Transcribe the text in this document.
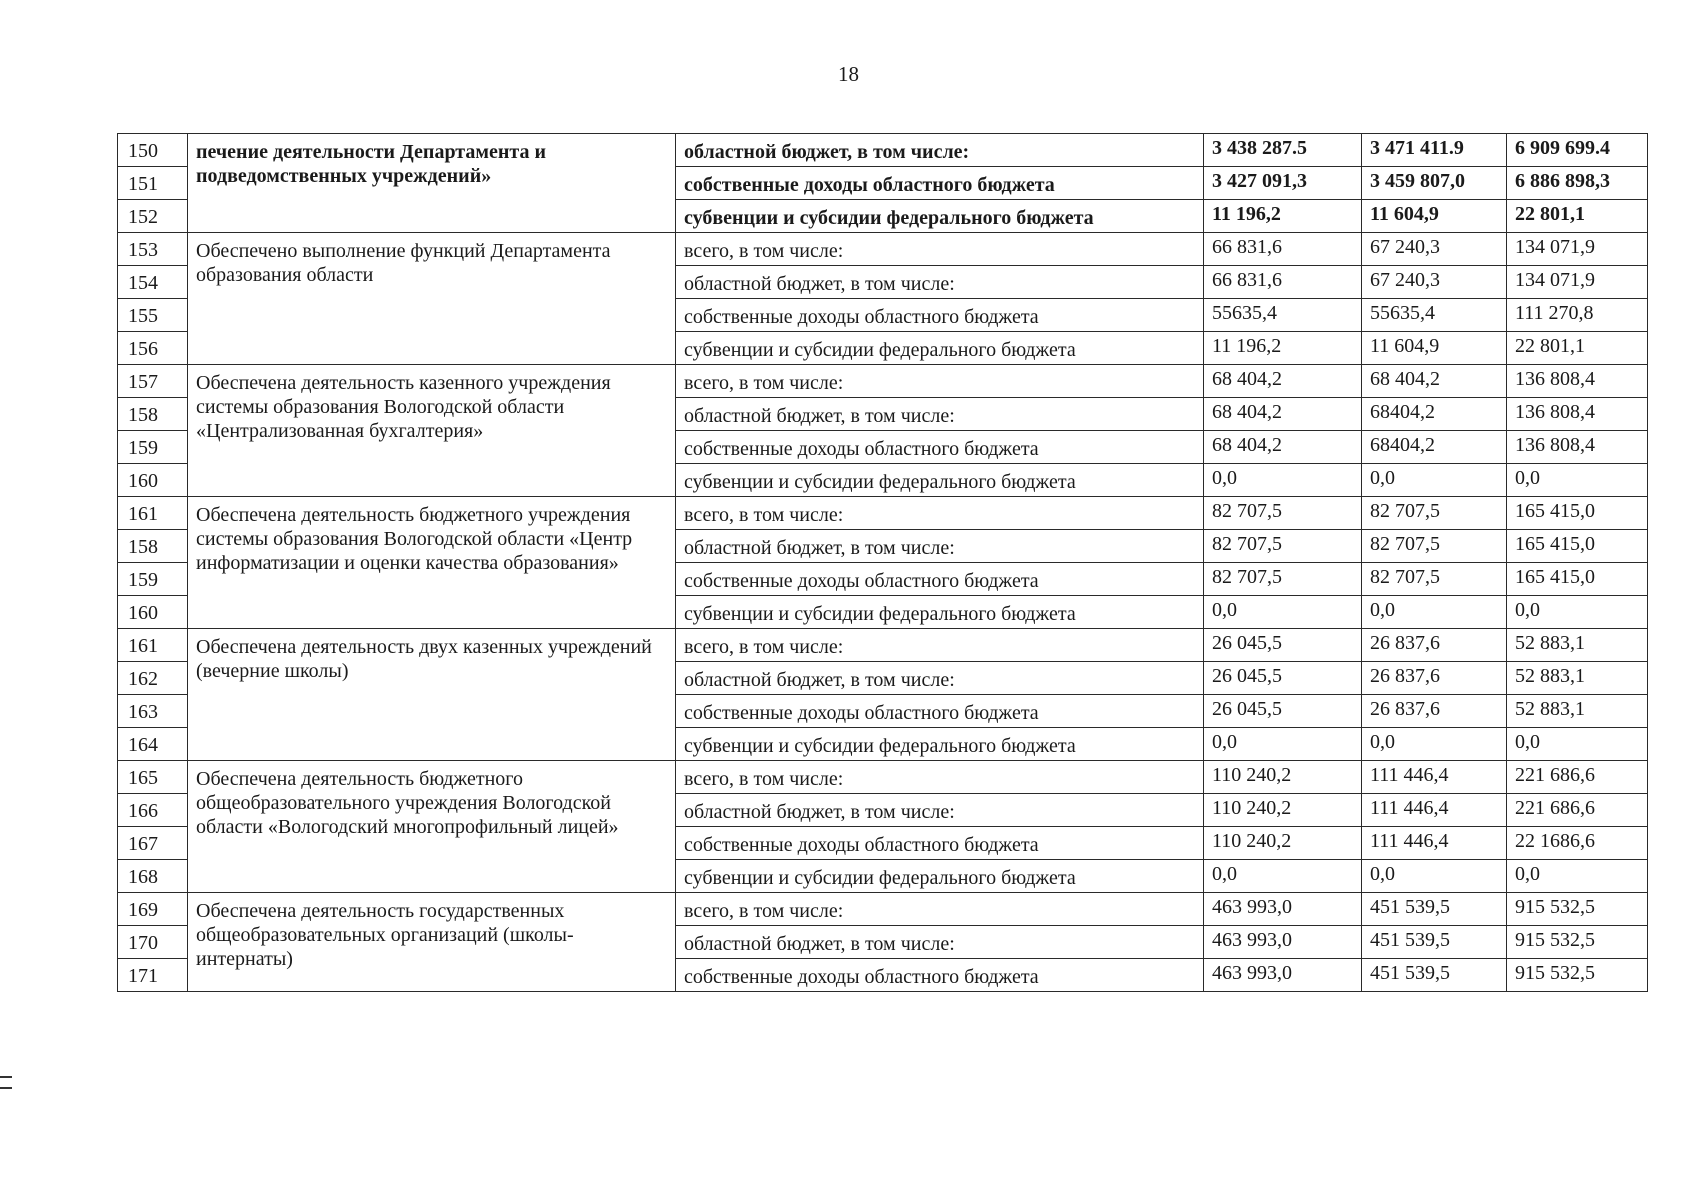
18
150	печение деятельности Департамента и подведомственных учреждений»	областной бюджет, в том числе:	3 438 287.5	3 471 411.9	6 909 699.4
151		собственные доходы областного бюджета	3 427 091,3	3 459 807,0	6 886 898,3
152		субвенции и субсидии федерального бюджета	11 196,2	11 604,9	22 801,1
153	Обеспечено выполнение функций Департамента образования области	всего, в том числе:	66 831,6	67 240,3	134 071,9
154		областной бюджет, в том числе:	66 831,6	67 240,3	134 071,9
155		собственные доходы областного бюджета	55635,4	55635,4	111 270,8
156		субвенции и субсидии федерального бюджета	11 196,2	11 604,9	22 801,1
157	Обеспечена деятельность казенного учреждения системы образования Вологодской области «Централизованная бухгалтерия»	всего, в том числе:	68 404,2	68 404,2	136 808,4
158		областной бюджет, в том числе:	68 404,2	68404,2	136 808,4
159		собственные доходы областного бюджета	68 404,2	68404,2	136 808,4
160		субвенции и субсидии федерального бюджета	0,0	0,0	0,0
161	Обеспечена деятельность бюджетного учреждения системы образования Вологодской области «Центр информатизации и оценки качества образования»	всего, в том числе:	82 707,5	82 707,5	165 415,0
158		областной бюджет, в том числе:	82 707,5	82 707,5	165 415,0
159		собственные доходы областного бюджета	82 707,5	82 707,5	165 415,0
160		субвенции и субсидии федерального бюджета	0,0	0,0	0,0
161	Обеспечена деятельность двух казенных учреждений (вечерние школы)	всего, в том числе:	26 045,5	26 837,6	52 883,1
162		областной бюджет, в том числе:	26 045,5	26 837,6	52 883,1
163		собственные доходы областного бюджета	26 045,5	26 837,6	52 883,1
164		субвенции и субсидии федерального бюджета	0,0	0,0	0,0
165	Обеспечена деятельность бюджетного общеобразовательного учреждения Вологодской области «Вологодский многопрофильный лицей»	всего, в том числе:	110 240,2	111 446,4	221 686,6
166		областной бюджет, в том числе:	110 240,2	111 446,4	221 686,6
167		собственные доходы областного бюджета	110 240,2	111 446,4	22 1686,6
168		субвенции и субсидии федерального бюджета	0,0	0,0	0,0
169	Обеспечена деятельность государственных общеобразовательных организаций (школы-интернаты)	всего, в том числе:	463 993,0	451 539,5	915 532,5
170		областной бюджет, в том числе:	463 993,0	451 539,5	915 532,5
171		собственные доходы областного бюджета	463 993,0	451 539,5	915 532,5
